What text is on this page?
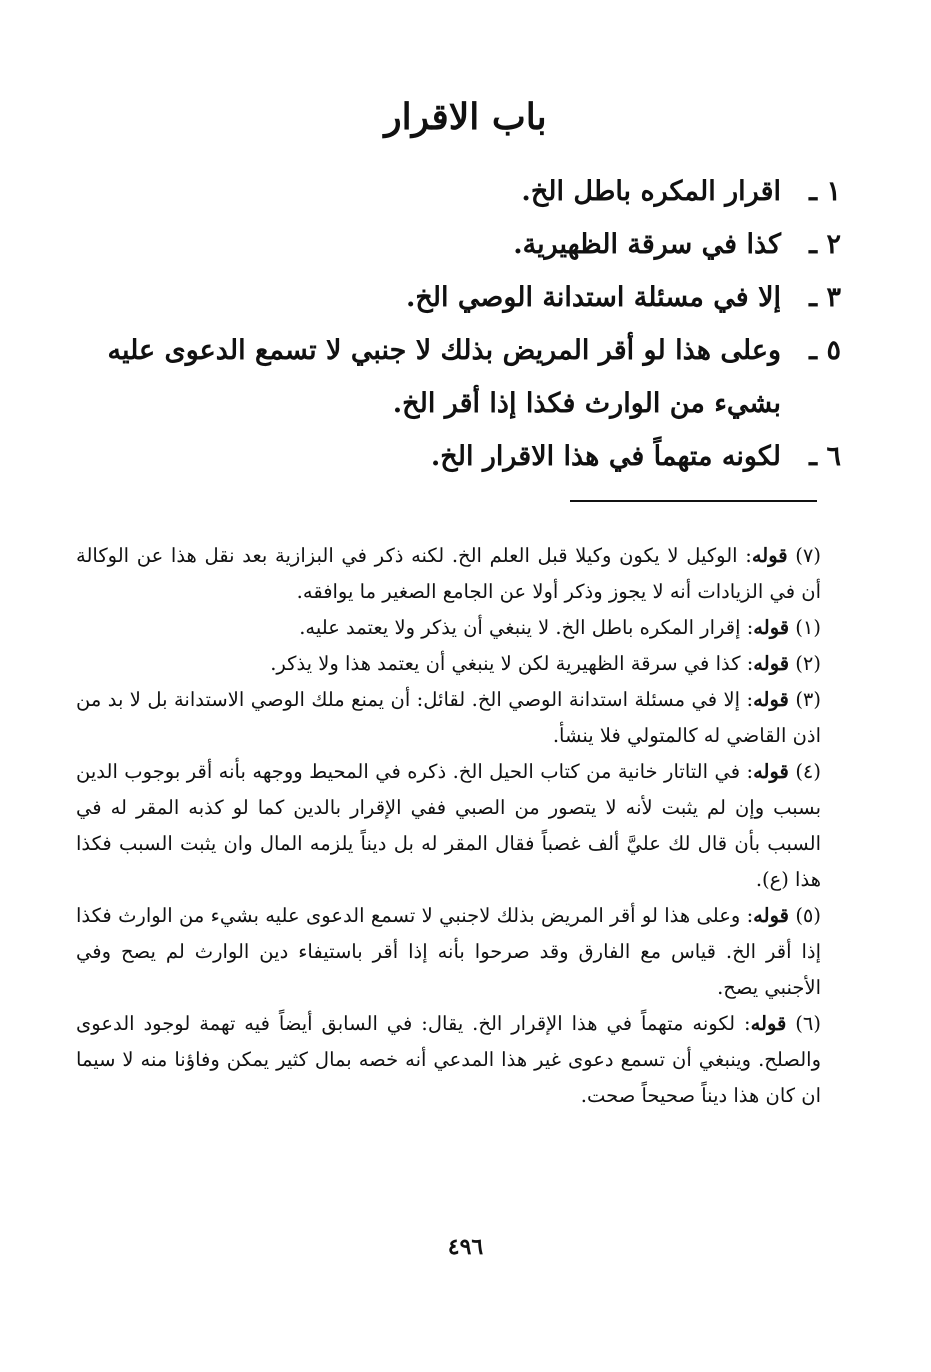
باب الاقرار
١ ـ
اقرار المكره باطل الخ.
٢ ـ
كذا في سرقة الظهيرية.
٣ ـ
إلا في مسئلة استدانة الوصي الخ.
٥ ـ
وعلى هذا لو أقر المريض بذلك لا جنبي لا تسمع الدعوى عليه بشيء من الوارث فكذا إذا أقر الخ.
٦ ـ
لكونه متهماً في هذا الاقرار الخ.

(٧) قوله: الوكيل لا يكون وكيلا قبل العلم الخ. لكنه ذكر في البزازية بعد نقل هذا عن الوكالة أن في الزيادات أنه لا يجوز وذكر أولا عن الجامع الصغير ما يوافقه.

(١) قوله: إقرار المكره باطل الخ. لا ينبغي أن يذكر ولا يعتمد عليه.

(٢) قوله: كذا في سرقة الظهيرية لكن لا ينبغي أن يعتمد هذا ولا يذكر.

(٣) قوله: إلا في مسئلة استدانة الوصي الخ. لقائل: أن يمنع ملك الوصي الاستدانة بل لا بد من اذن القاضي له كالمتولي فلا ينشأ.

(٤) قوله: في التاتار خانية من كتاب الحيل الخ. ذكره في المحيط ووجهه بأنه أقر بوجوب الدين بسبب وإن لم يثبت لأنه لا يتصور من الصبي ففي الإقرار بالدين كما لو كذبه المقر له في السبب بأن قال لك عليَّ ألف غصباً فقال المقر له بل ديناً يلزمه المال وان يثبت السبب فكذا هذا (ع).

(٥) قوله: وعلى هذا لو أقر المريض بذلك لاجنبي لا تسمع الدعوى عليه بشيء من الوارث فكذا إذا أقر الخ. قياس مع الفارق وقد صرحوا بأنه إذا أقر باستيفاء دين الوارث لم يصح وفي الأجنبي يصح.

(٦) قوله: لكونه متهماً في هذا الإقرار الخ. يقال: في السابق أيضاً فيه تهمة لوجود الدعوى والصلح. وينبغي أن تسمع دعوى غير هذا المدعي أنه خصه بمال كثير يمكن وفاؤنا منه لا سيما ان كان هذا ديناً صحيحاً صحت.

٤٩٦
